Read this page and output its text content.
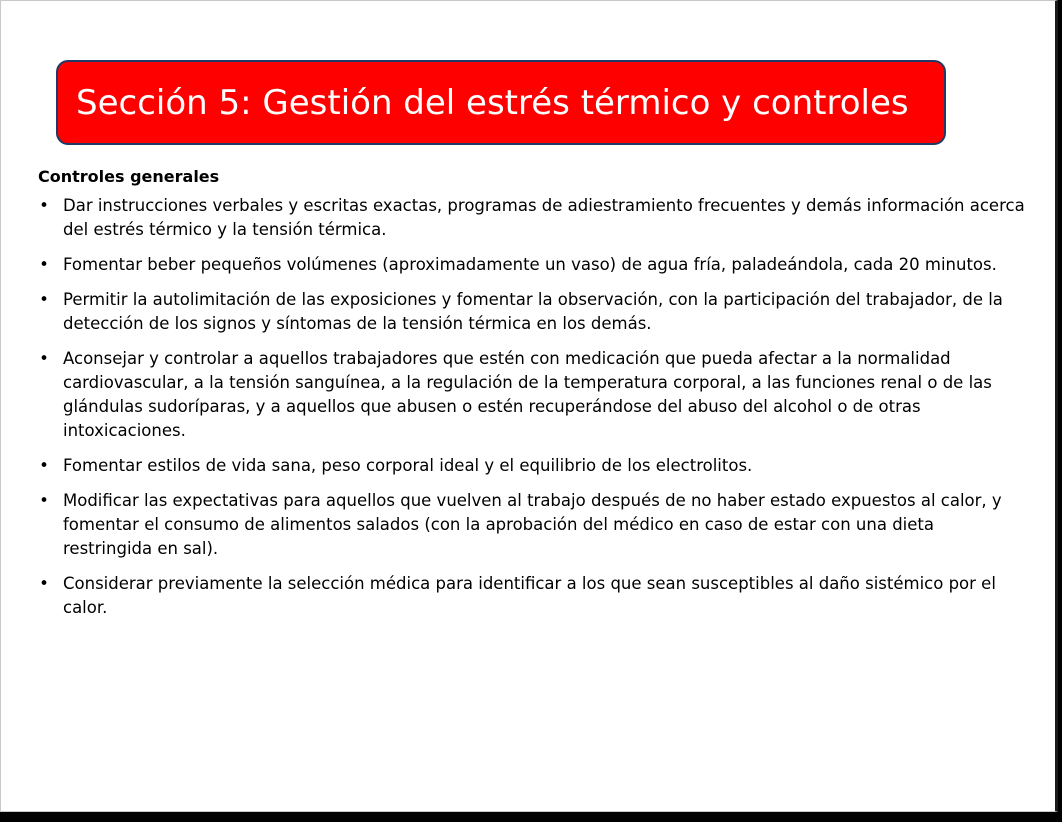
Sección 5: Gestión del estrés térmico y controles
Controles generales
• Dar instrucciones verbales y escritas exactas, programas de adiestramiento frecuentes y demás información acerca del estrés térmico y la tensión térmica.
• Fomentar beber pequeños volúmenes (aproximadamente un vaso) de agua fría, paladeándola, cada 20 minutos.
• Permitir la autolimitación de las exposiciones y fomentar la observación, con la participación del trabajador, de la detección de los signos y síntomas de la tensión térmica en los demás.
• Aconsejar y controlar a aquellos trabajadores que estén con medicación que pueda afectar a la normalidad cardiovascular, a la tensión sanguínea, a la regulación de la temperatura corporal, a las funciones renal o de las glándulas sudoríparas, y a aquellos que abusen o estén recuperándose del abuso del alcohol o de otras intoxicaciones.
• Fomentar estilos de vida sana, peso corporal ideal y el equilibrio de los electrolitos.
• Modificar las expectativas para aquellos que vuelven al trabajo después de no haber estado expuestos al calor, y fomentar el consumo de alimentos salados (con la aprobación del médico en caso de estar con una dieta restringida en sal).
• Considerar previamente la selección médica para identificar a los que sean susceptibles al daño sistémico por el calor.
